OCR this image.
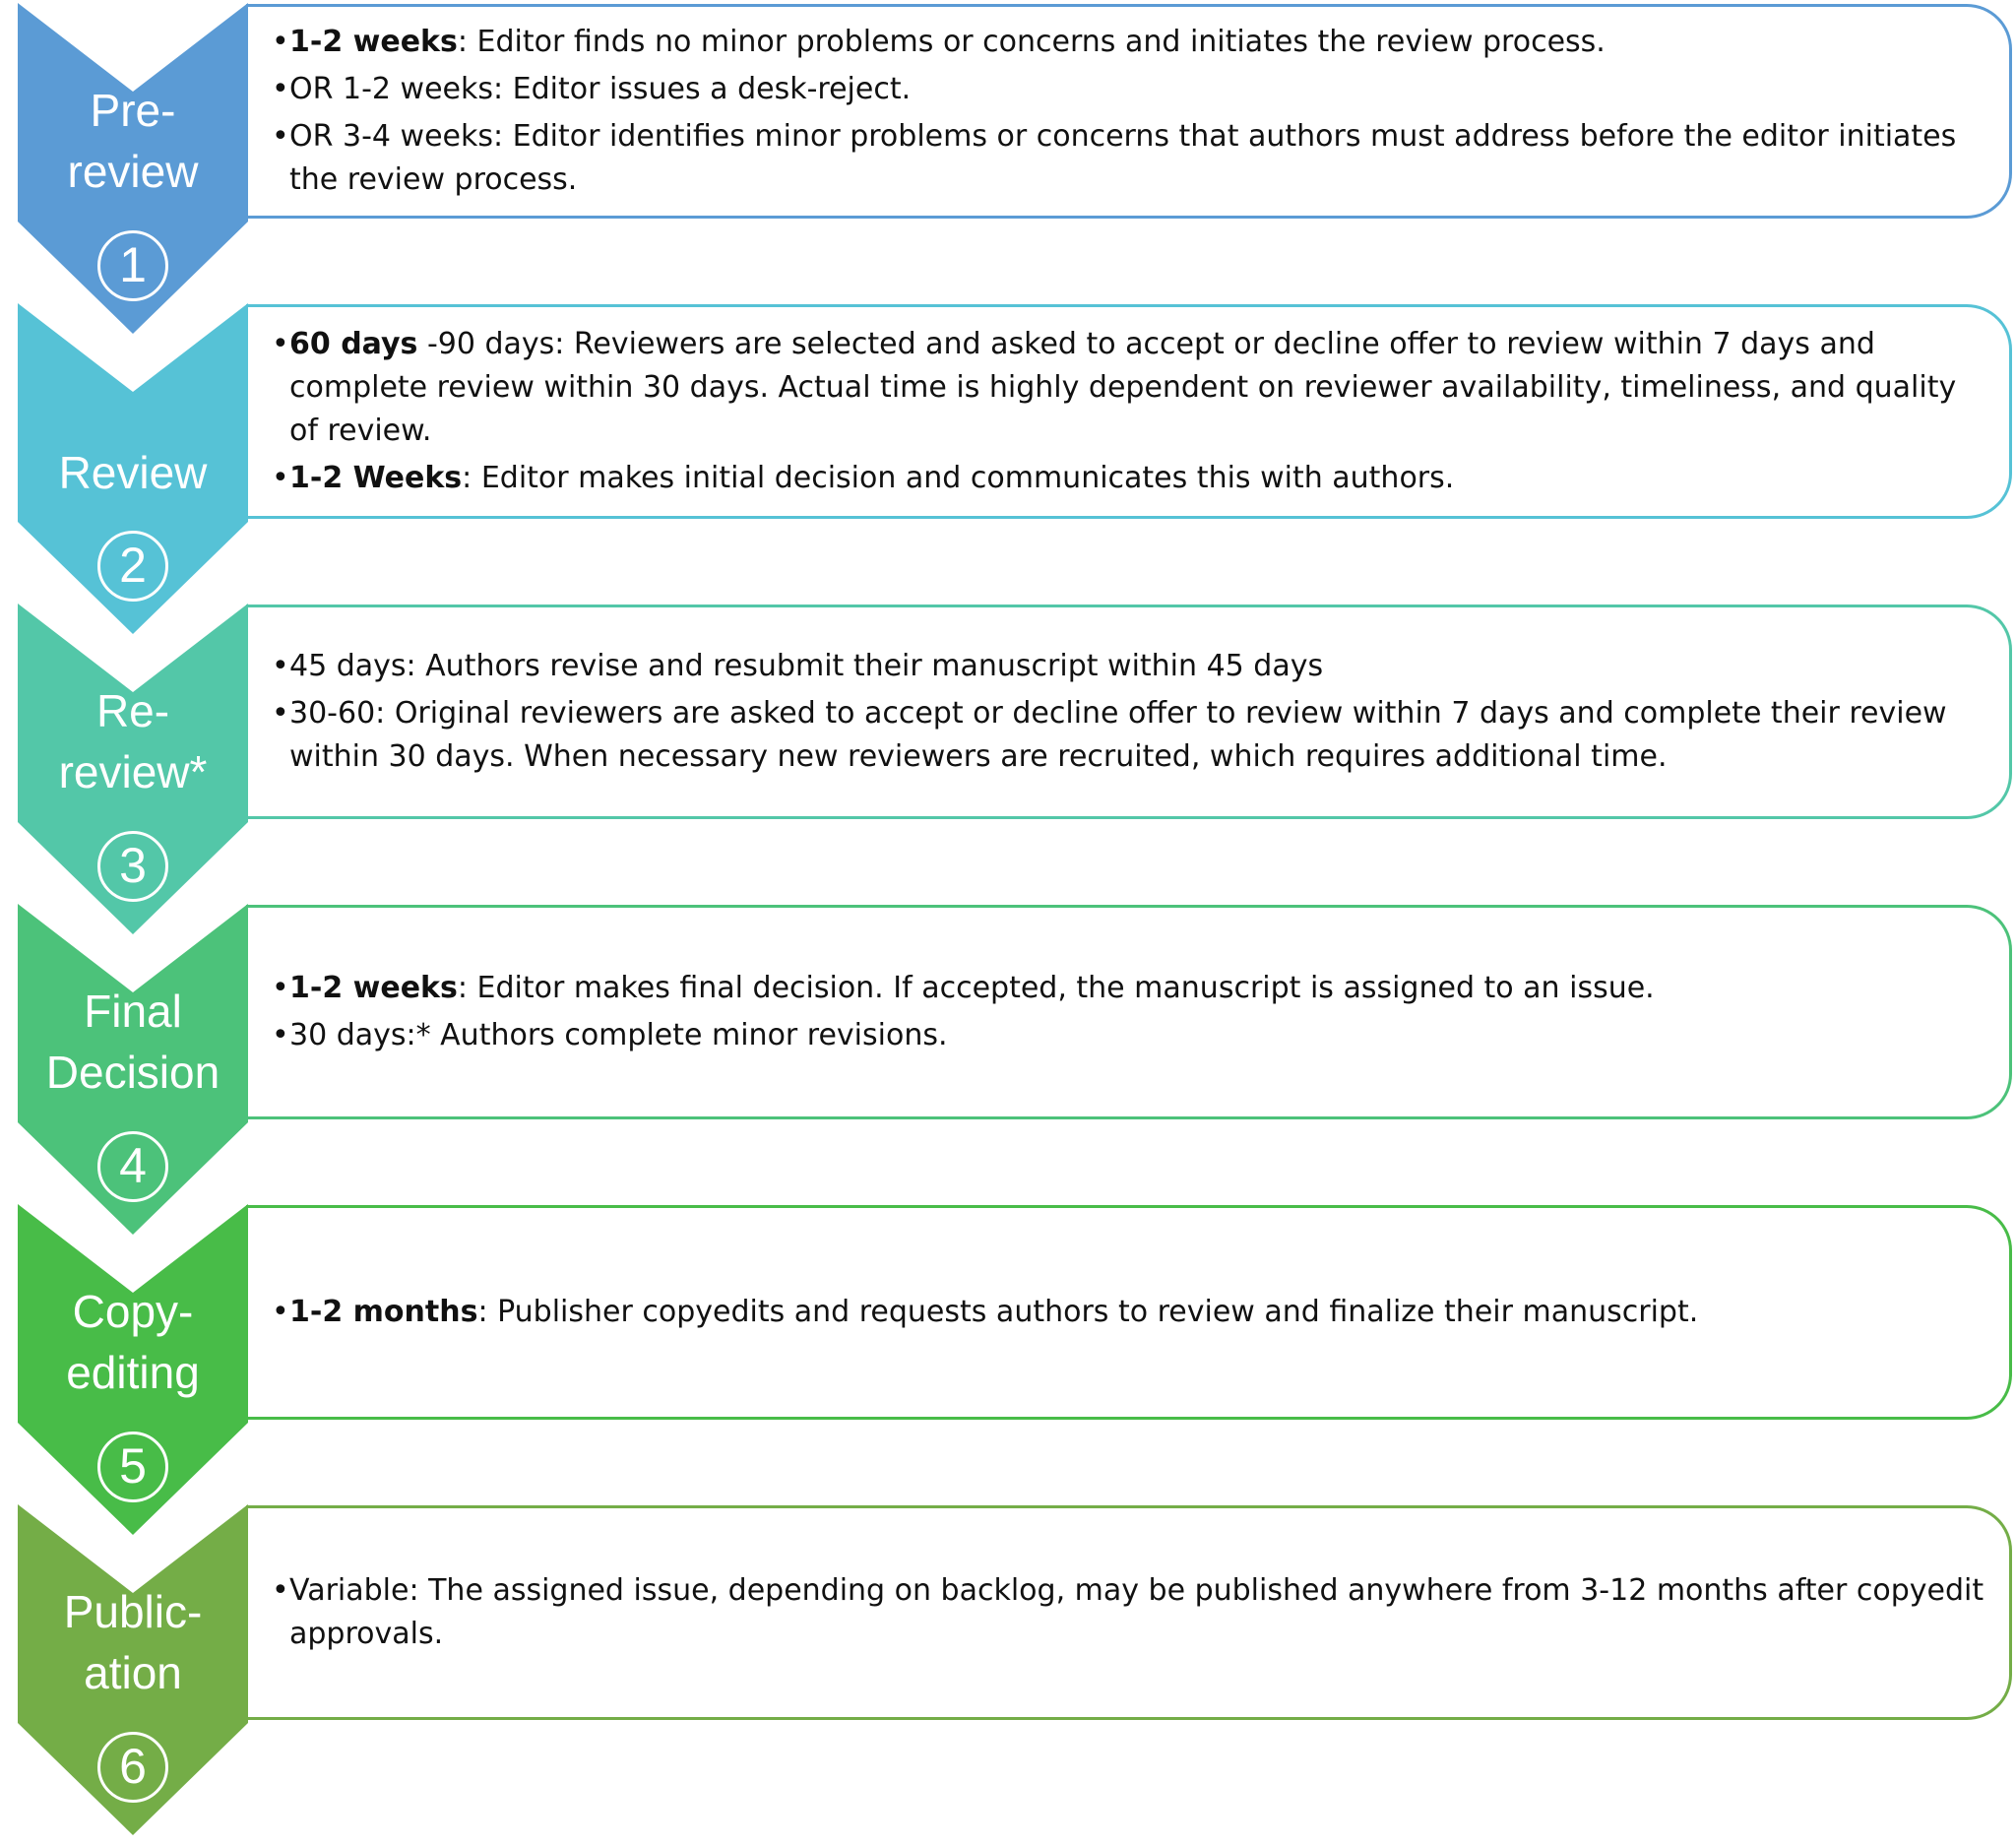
• 1-2 weeks: Editor finds no minor problems or concerns and initiates the review process.
• OR 1-2 weeks: Editor issues a desk-reject.
• OR 3-4 weeks: Editor identifies minor problems or concerns that authors must address before the editor initiates the review process.
Pre-
review
1
• 60 days -90 days: Reviewers are selected and asked to accept or decline offer to review within 7 days and complete review within 30 days. Actual time is highly dependent on reviewer availability, timeliness, and quality of review.
• 1-2 Weeks: Editor makes initial decision and communicates this with authors.
Review
2
• 45 days: Authors revise and resubmit their manuscript within 45 days
• 30-60: Original reviewers are asked to accept or decline offer to review within 7 days and complete their review within 30 days. When necessary new reviewers are recruited, which requires additional time.
Re-
review*
3
• 1-2 weeks: Editor makes final decision. If accepted, the manuscript is assigned to an issue.
• 30 days:* Authors complete minor revisions.
Final
Decision
4
• 1-2 months: Publisher copyedits and requests authors to review and finalize their manuscript.
Copy-
editing
5
• Variable: The assigned issue, depending on backlog, may be published anywhere from 3-12 months after copyedit approvals.
Public-
ation
6
